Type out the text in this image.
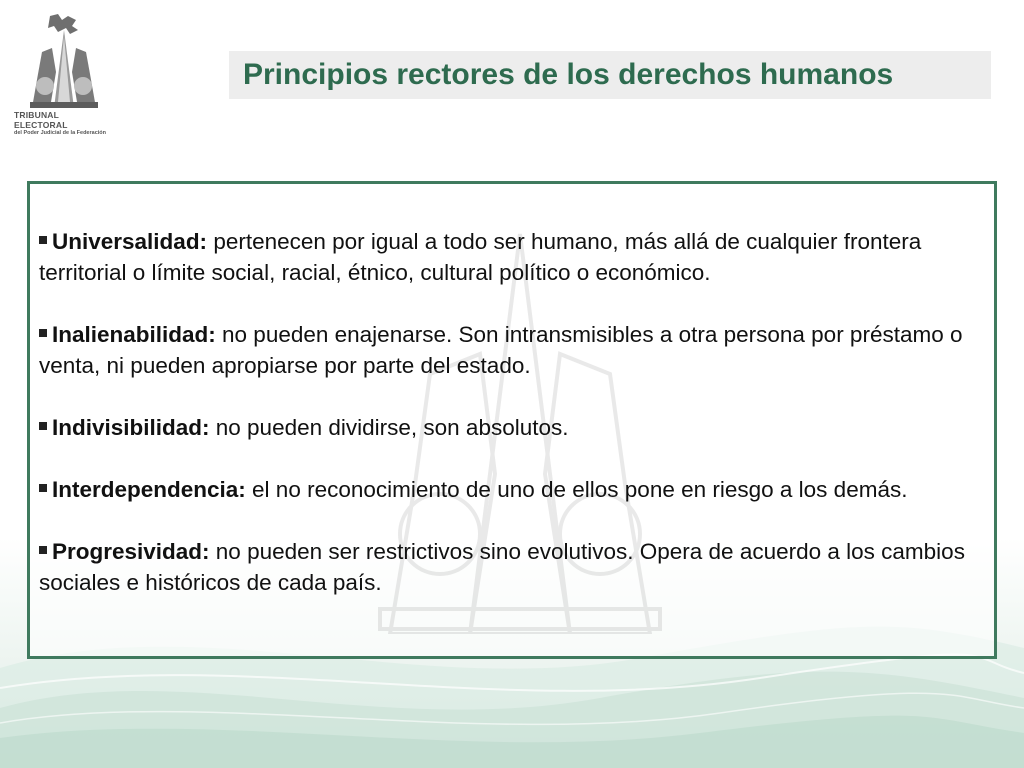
TRIBUNAL ELECTORAL
del Poder Judicial de la Federación
Principios rectores de los derechos humanos
Universalidad: pertenecen por igual a todo ser humano, más allá de cualquier frontera territorial o límite social, racial, étnico, cultural político o económico.
Inalienabilidad: no pueden enajenarse. Son intransmisibles a otra persona por préstamo o venta, ni pueden apropiarse por parte del estado.
Indivisibilidad: no pueden dividirse, son absolutos.
Interdependencia: el no reconocimiento de uno de ellos pone en riesgo a los demás.
Progresividad: no pueden ser restrictivos sino evolutivos. Opera de acuerdo a los cambios sociales e históricos de cada país.
